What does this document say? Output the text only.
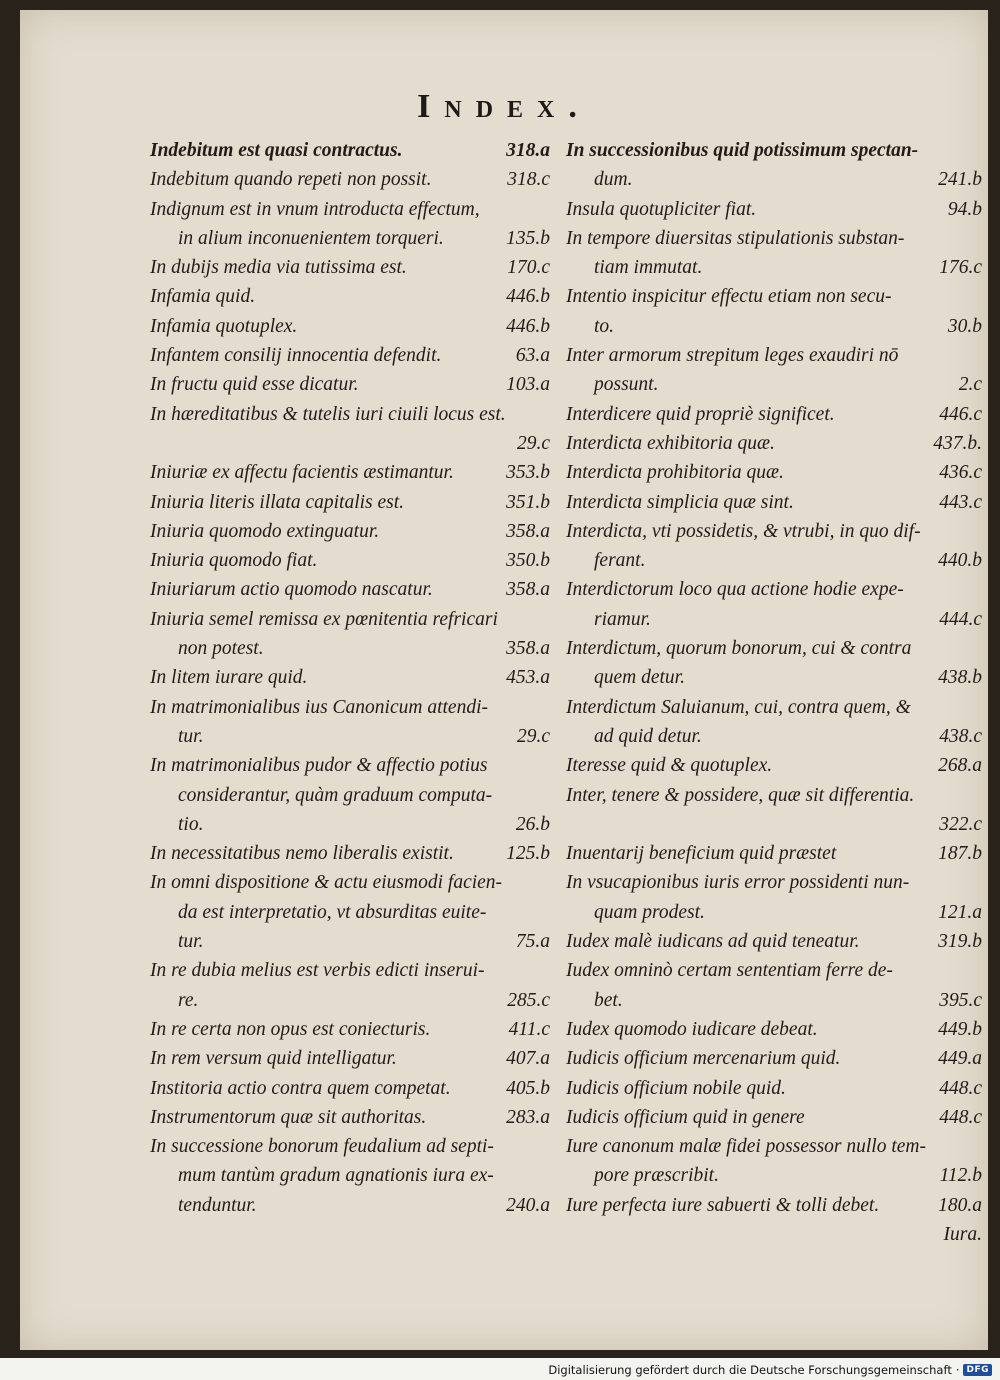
Index.
Indebitum est quasi contractus.	318.a
Indebitum quando repeti non possit.	318.c
Indignum est in vnum introducta effectum,
in alium inconuenientem torqueri.	135.b
In dubijs media via tutissima est.	170.c
Infamia quid.	446.b
Infamia quotuplex.	446.b
Infantem consilij innocentia defendit.	63.a
In fructu quid esse dicatur.	103.a
In hæreditatibus & tutelis iuri ciuili locus est.
29.c
Iniuriæ ex affectu facientis æstimantur.	353.b
Iniuria literis illata capitalis est.	351.b
Iniuria quomodo extinguatur.	358.a
Iniuria quomodo fiat.	350.b
Iniuriarum actio quomodo nascatur.	358.a
Iniuria semel remissa ex pœnitentia refricari
non potest.	358.a
In litem iurare quid.	453.a
In matrimonialibus ius Canonicum attendi-
tur.	29.c
In matrimonialibus pudor & affectio potius
considerantur, quàm graduum computa-
tio.	26.b
In necessitatibus nemo liberalis existit.	125.b
In omni dispositione & actu eiusmodi facien-
da est interpretatio, vt absurditas euite-
tur.	75.a
In re dubia melius est verbis edicti inserui-
re.	285.c
In re certa non opus est coniecturis.	411.c
In rem versum quid intelligatur.	407.a
Institoria actio contra quem competat.	405.b
Instrumentorum quæ sit authoritas.	283.a
In successione bonorum feudalium ad septi-
mum tantùm gradum agnationis iura ex-
tenduntur.	240.a
In successionibus quid potissimum spectan-
dum.	241.b
Insula quotupliciter fiat.	94.b
In tempore diuersitas stipulationis substan-
tiam immutat.	176.c
Intentio inspicitur effectu etiam non secu-
to.	30.b
Inter armorum strepitum leges exaudiri nō
possunt.	2.c
Interdicere quid propriè significet.	446.c
Interdicta exhibitoria quæ.	437.b.
Interdicta prohibitoria quæ.	436.c
Interdicta simplicia quæ sint.	443.c
Interdicta, vti possidetis, & vtrubi, in quo dif-
ferant.	440.b
Interdictorum loco qua actione hodie expe-
riamur.	444.c
Interdictum, quorum bonorum, cui & contra
quem detur.	438.b
Interdictum Saluianum, cui, contra quem, &
ad quid detur.	438.c
Iteresse quid & quotuplex.	268.a
Inter, tenere & possidere, quæ sit differentia.
322.c
Inuentarij beneficium quid præstet	187.b
In vsucapionibus iuris error possidenti nun-
quam prodest.	121.a
Iudex malè iudicans ad quid teneatur.	319.b
Iudex omninò certam sententiam ferre de-
bet.	395.c
Iudex quomodo iudicare debeat.	449.b
Iudicis officium mercenarium quid.	449.a
Iudicis officium nobile quid.	448.c
Iudicis officium quid in genere	448.c
Iure canonum malæ fidei possessor nullo tem-
pore præscribit.	112.b
Iure perfecta iure sabuerti & tolli debet.	180.a
Iura.
Digitalisierung gefördert durch die Deutsche Forschungsgemeinschaft · DFG
